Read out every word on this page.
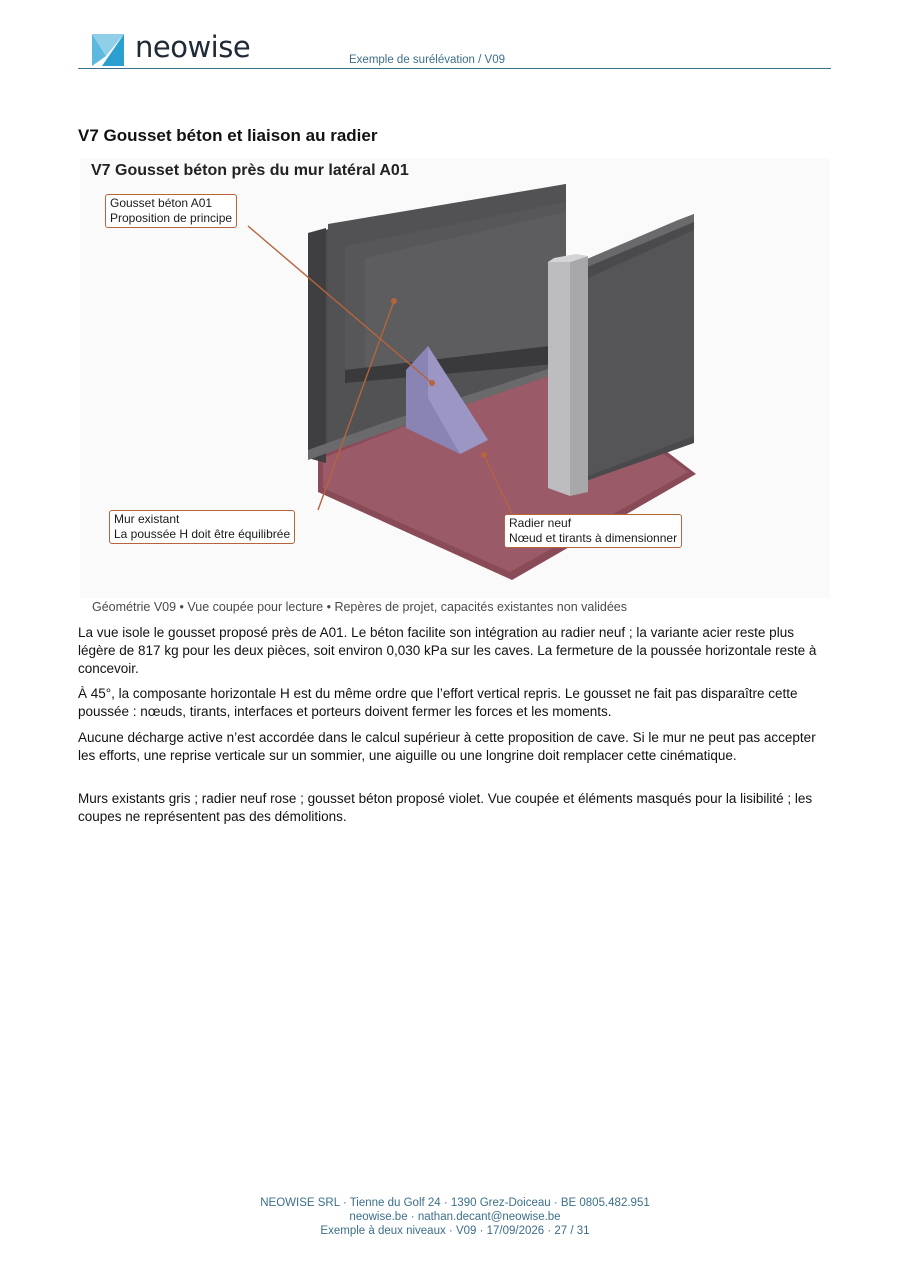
neowise	Exemple de surélévation / V09
V7 Gousset béton et liaison au radier
V7 Gousset béton près du mur latéral A01
Gousset béton A01
Proposition de principe
Mur existant
La poussée H doit être équilibrée
Radier neuf
Nœud et tirants à dimensionner
Géométrie V09 • Vue coupée pour lecture • Repères de projet, capacités existantes non validées

La vue isole le gousset proposé près de A01. Le béton facilite son intégration au radier neuf ; la variante acier reste plus légère de 817 kg pour les deux pièces, soit environ 0,030 kPa sur les caves. La fermeture de la poussée horizontale reste à concevoir.

À 45°, la composante horizontale H est du même ordre que l’effort vertical repris. Le gousset ne fait pas disparaître cette poussée : nœuds, tirants, interfaces et porteurs doivent fermer les forces et les moments.

Aucune décharge active n’est accordée dans le calcul supérieur à cette proposition de cave. Si le mur ne peut pas accepter les efforts, une reprise verticale sur un sommier, une aiguille ou une longrine doit remplacer cette cinématique.

Murs existants gris ; radier neuf rose ; gousset béton proposé violet. Vue coupée et éléments masqués pour la lisibilité ; les coupes ne représentent pas des démolitions.

NEOWISE SRL · Tienne du Golf 24 · 1390 Grez-Doiceau · BE 0805.482.951
neowise.be · nathan.decant@neowise.be
Exemple à deux niveaux · V09 · 17/09/2026 · 27 / 31
